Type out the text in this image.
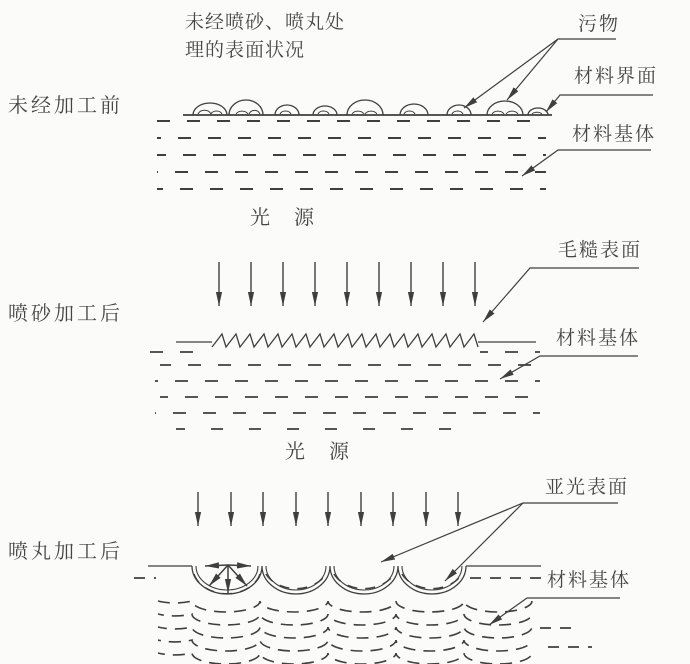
未经喷砂、喷丸处
理的表面状况
未经加工前
喷砂加工后
喷丸加工后
污物
材料界面
材料基体
光　源
毛糙表面
材料基体
光　源
亚光表面
材料基体
